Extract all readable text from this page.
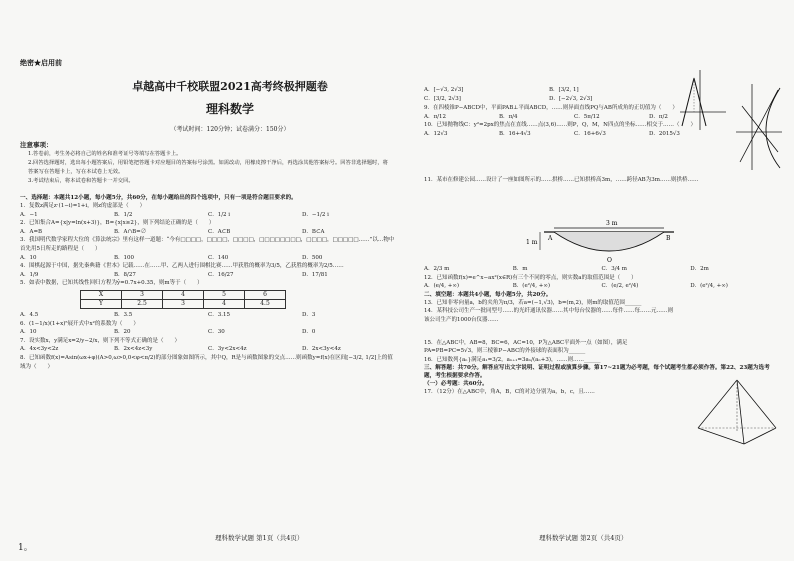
绝密★启用前
卓越高中千校联盟2021高考终极押题卷
理科数学
（考试时间：120分钟；试卷满分：150分）
注意事项：
1.答卷前，考生务必将自己的姓名和准考证号等填写在答题卡上。
2.回答选择题时，选出每小题答案后，用铅笔把答题卡对应题目的答案标号涂黑。如需改动，用橡皮擦干净后，再选涂其他答案标号。回答非选择题时，将答案写在答题卡上，写在本试卷上无效。
3.考试结束后，将本试卷和答题卡一并交回。
一、选择题：本题共12小题，每小题5分，共60分，在每小题给出的四个选项中，只有一项是符合题目要求的。
1．复数z满足z·(1−i)=1+i，则z的虚部是（　　）
A．−1	B．1/2	C．1/2 i	D．−1/2 i
2．已知集合A={x|y=ln(x+3)}，B={x|x≥2}，则下列结论正确的是（　　）
A．A=B	B．A∩B=∅	C．A⊂B	D．B⊂A
3．我国明代数学家程大位的《算法统宗》里有这样一道题：“今有□□□□，□□□□，□□□□，□□□□□□□□，□□□□，□□□□□……”以…物中首先用5日所走的路程是（　　）
A．10	B．100	C．140	D．500
4．围棋起源于中国，据先秦典籍《世本》记载……在……甲、乙两人进行围棋比赛……甲获胜的概率为3/5，乙获胜的概率为2/5……
A．1/9	B．8/27	C．16/27	D．17/81
5．如表中数据，已知其线性回归方程为ŷ=0.7x+0.35，则m等于（　　）
X	3	4	5	6
Y	2.5	3	4	4.5
A．4.5	B．3.5	C．3.15	D．3
6．(1−1/x)(1+x)⁵展开式中x²的系数为（　　）
A．10	B．20	C．30	D．0
7．设实数x，y满足x=2/y−2/x，则下列不等式正确的是（　　）
A．4x<3y<2z	B．2x<4z<3y	C．3y<2x<4z	D．2x<3y<4z
8．已知函数f(x)=Asin(ωx+φ)(A>0,ω>0,0<φ<π/2)的部分图象如图所示，其中Q，R是与函数图象的交点……则函数y=f(x)在区间[−3/2, 1/2]上的值域为（　　）
理科数学试题 第1页（共4页）
1。
A．[−√3, 2√3]	B．[3/2, 1]
C．[3/2, 2√3]	D．[−2√3, 2√3]
9．在四棱锥P−ABCD中，平面PAB⊥平面ABCD，……则异面直线PQ与AB所成角的正切值为（　　）
A．π/12	B．π/4	C．5π/12	D．π/2
10．已知抛物线C：y²=2px的焦点在直线……点(3,6)……则P，Q，M，N四点的坐标……相交于……（　　）
A．12√3	B．16+4√3	C．16+6√3	D．2015√3
11．某市在修建公园……设计了一座如图所示的……拱桥……已知拱桥高3m，……跨径AB为3m……则拱桥……
3 m
1 m
A	B
O
A．2/3 m	B．m	C．3/4 m	D．2m
12．已知函数f(x)=e^x−ax²(x∈R)有三个不同的零点，则实数a的取值范围是（　　）
A．(e/4, +∞)	B．(e²/4, +∞)	C．(e/2, e²/4)	D．(e²/4, +∞)
二、填空题：本题共4小题，每小题5分，共20分。
13．已知非零向量a，b的夹角为π/3，若a=(−1,√3)，b=(m,2)，则m的取值范围______
14．某科技公司生产一批同型号……的光纤通讯仪器……其中每台仪器的……每件……每……元……则该公司生产的1000台仪器……
15．在△ABC中，AB=8，BC=6，AC=10，P为△ABC平面外一点（如图），满足PA=PB=PC=5√3，则三棱锥P−ABC的外接球的表面积为______
16．已知数列{aₙ}满足a₁=3/2，aₙ₊₁=3aₙ/(aₙ+3)，……则……______
三、解答题：共70分。解答应写出文字说明、证明过程或演算步骤。第17~21题为必考题，每个试题考生都必须作答。第22、23题为选考题，考生根据要求作答。
（一）必考题：共60分。
17．（12分）在△ABC中，角A，B，C的对边分别为a，b，c，且……
理科数学试题 第2页（共4页）
